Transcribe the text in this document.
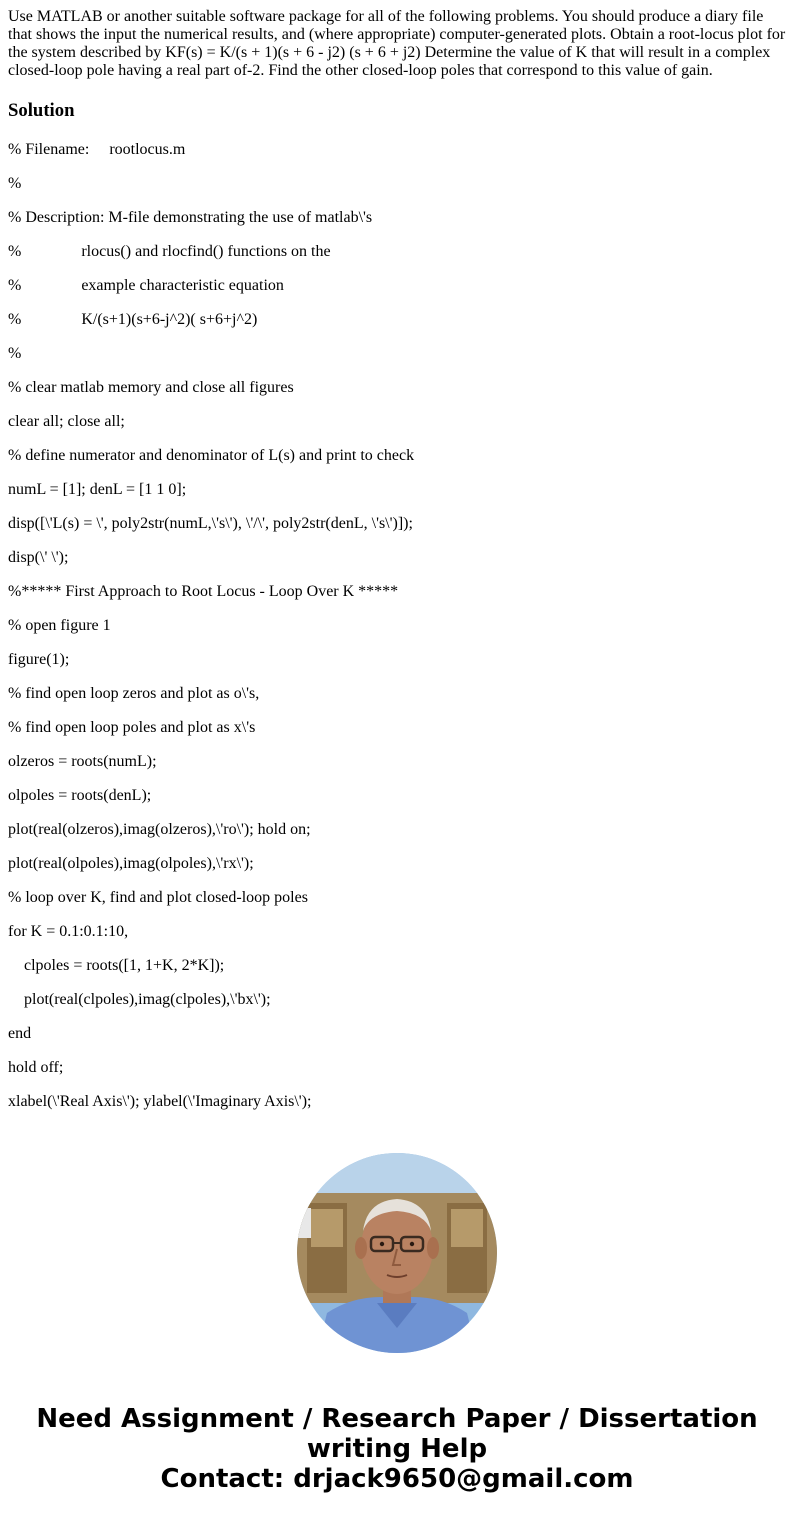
Use MATLAB or another suitable software package for all of the following problems. You should produce a diary file that shows the input the numerical results, and (where appropriate) computer-generated plots. Obtain a root-locus plot for the system described by KF(s) = K/(s + 1)(s + 6 - j2) (s + 6 + j2) Determine the value of K that will result in a complex closed-loop pole having a real part of-2. Find the other closed-loop poles that correspond to this value of gain.

Solution

% Filename:     rootlocus.m

%

% Description: M-file demonstrating the use of matlab\'s

%               rlocus() and rlocfind() functions on the

%               example characteristic equation

%               K/(s+1)(s+6-j^2)( s+6+j^2)

%

% clear matlab memory and close all figures

clear all; close all;

% define numerator and denominator of L(s) and print to check

numL = [1]; denL = [1 1 0];

disp([\'L(s) = \', poly2str(numL,\'s\'), \'/\', poly2str(denL, \'s\')]);

disp(\' \');

%***** First Approach to Root Locus - Loop Over K *****

% open figure 1

figure(1);

% find open loop zeros and plot as o\'s,

% find open loop poles and plot as x\'s

olzeros = roots(numL);

olpoles = roots(denL);

plot(real(olzeros),imag(olzeros),\'ro\'); hold on;

plot(real(olpoles),imag(olpoles),\'rx\');

% loop over K, find and plot closed-loop poles

for K = 0.1:0.1:10,

clpoles = roots([1, 1+K, 2*K]);

plot(real(clpoles),imag(clpoles),\'bx\');

end

hold off;

xlabel(\'Real Axis\'); ylabel(\'Imaginary Axis\');

Need Assignment / Research Paper / Dissertation
writing Help
Contact: drjack9650@gmail.com
